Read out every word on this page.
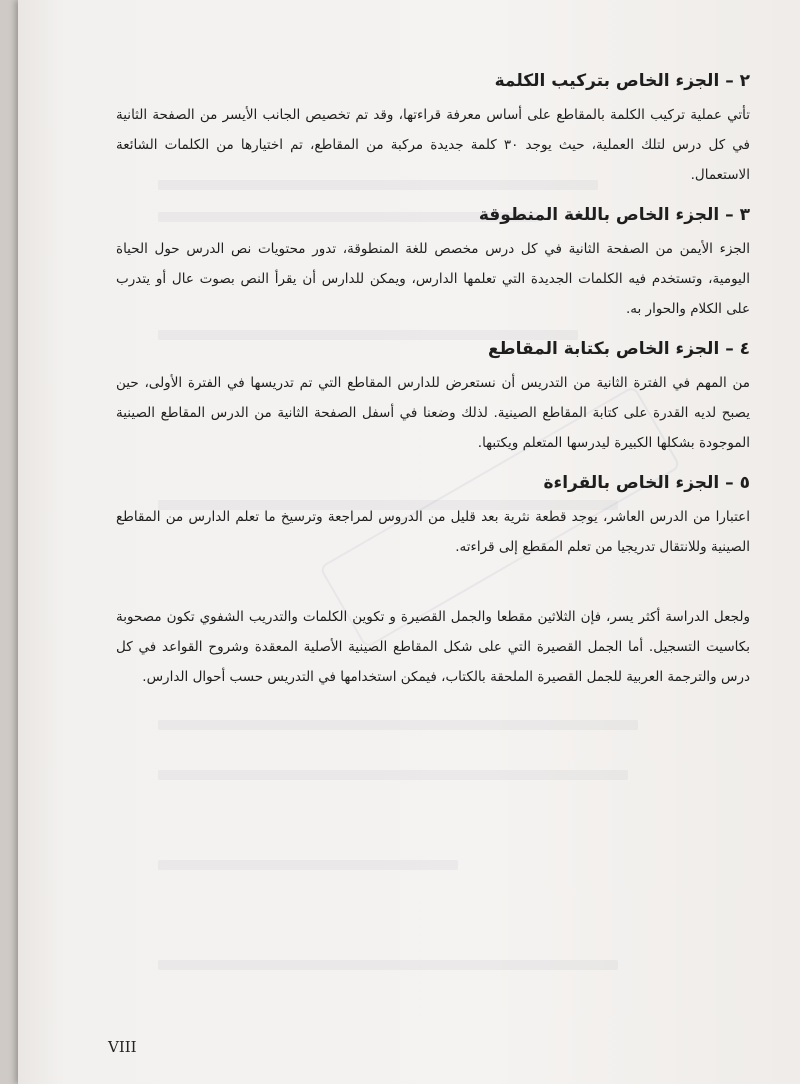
٢ – الجزء الخاص بتركيب الكلمة

تأتي عملية تركيب الكلمة بالمقاطع على أساس معرفة قراءتها، وقد تم تخصيص الجانب الأيسر من الصفحة الثانية في كل درس لتلك العملية، حيث يوجد ٣٠ كلمة جديدة مركبة من المقاطع، تم اختيارها من الكلمات الشائعة الاستعمال.

٣ – الجزء الخاص باللغة المنطوقة

الجزء الأيمن من الصفحة الثانية في كل درس مخصص للغة المنطوقة، تدور محتويات نص الدرس حول الحياة اليومية، وتستخدم فيه الكلمات الجديدة التي تعلمها الدارس، ويمكن للدارس أن يقرأ النص بصوت عال أو يتدرب على الكلام والحوار به.

٤ – الجزء الخاص بكتابة المقاطع

من المهم في الفترة الثانية من التدريس أن نستعرض للدارس المقاطع التي تم تدريسها في الفترة الأولى، حين يصبح لديه القدرة على كتابة المقاطع الصينية. لذلك وضعنا في أسفل الصفحة الثانية من الدرس المقاطع الصينية الموجودة بشكلها الكبيرة ليدرسها المتعلم ويكتبها.

٥ – الجزء الخاص بالقراءة

اعتبارا من الدرس العاشر، يوجد قطعة نثرية بعد قليل من الدروس لمراجعة وترسيخ ما تعلم الدارس من المقاطع الصينية وللانتقال تدريجيا من تعلم المقطع إلى قراءته.

ولجعل الدراسة أكثر يسر، فإن الثلاثين مقطعا والجمل القصيرة و تكوين الكلمات والتدريب الشفوي تكون مصحوبة بكاسيت التسجيل. أما الجمل القصيرة التي على شكل المقاطع الصينية الأصلية المعقدة وشروح القواعد في كل درس والترجمة العربية للجمل القصيرة الملحقة بالكتاب، فيمكن استخدامها في التدريس حسب أحوال الدارس.

VIII
